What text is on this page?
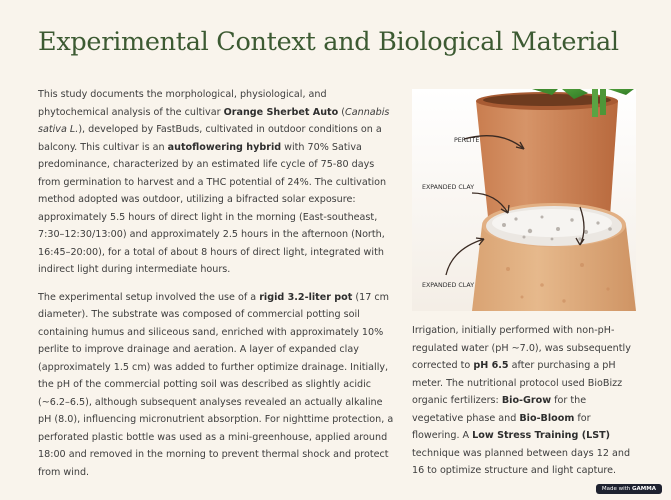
Experimental Context and Biological Material

This study documents the morphological, physiological, and phytochemical analysis of the cultivar Orange Sherbet Auto (Cannabis sativa L.), developed by FastBuds, cultivated in outdoor conditions on a balcony. This cultivar is an autoflowering hybrid with 70% Sativa predominance, characterized by an estimated life cycle of 75-80 days from germination to harvest and a THC potential of 24%. The cultivation method adopted was outdoor, utilizing a bifracted solar exposure: approximately 5.5 hours of direct light in the morning (East-southeast, 7:30–12:30/13:00) and approximately 2.5 hours in the afternoon (North, 16:45–20:00), for a total of about 8 hours of direct light, integrated with indirect light during intermediate hours.

The experimental setup involved the use of a rigid 3.2-liter pot (17 cm diameter). The substrate was composed of commercial potting soil containing humus and siliceous sand, enriched with approximately 10% perlite to improve drainage and aeration. A layer of expanded clay (approximately 1.5 cm) was added to further optimize drainage. Initially, the pH of the commercial potting soil was described as slightly acidic (~6.2–6.5), although subsequent analyses revealed an actually alkaline pH (8.0), influencing micronutrient absorption. For nighttime protection, a perforated plastic bottle was used as a mini-greenhouse, applied around 18:00 and removed in the morning to prevent thermal shock and protect from wind.

PERLITE
EXPANDED CLAY
EXPANDED CLAY

Irrigation, initially performed with non-pH-regulated water (pH ~7.0), was subsequently corrected to pH 6.5 after purchasing a pH meter. The nutritional protocol used BioBizz organic fertilizers: Bio-Grow for the vegetative phase and Bio-Bloom for flowering. A Low Stress Training (LST) technique was planned between days 12 and 16 to optimize structure and light capture.

Made with GAMMA
